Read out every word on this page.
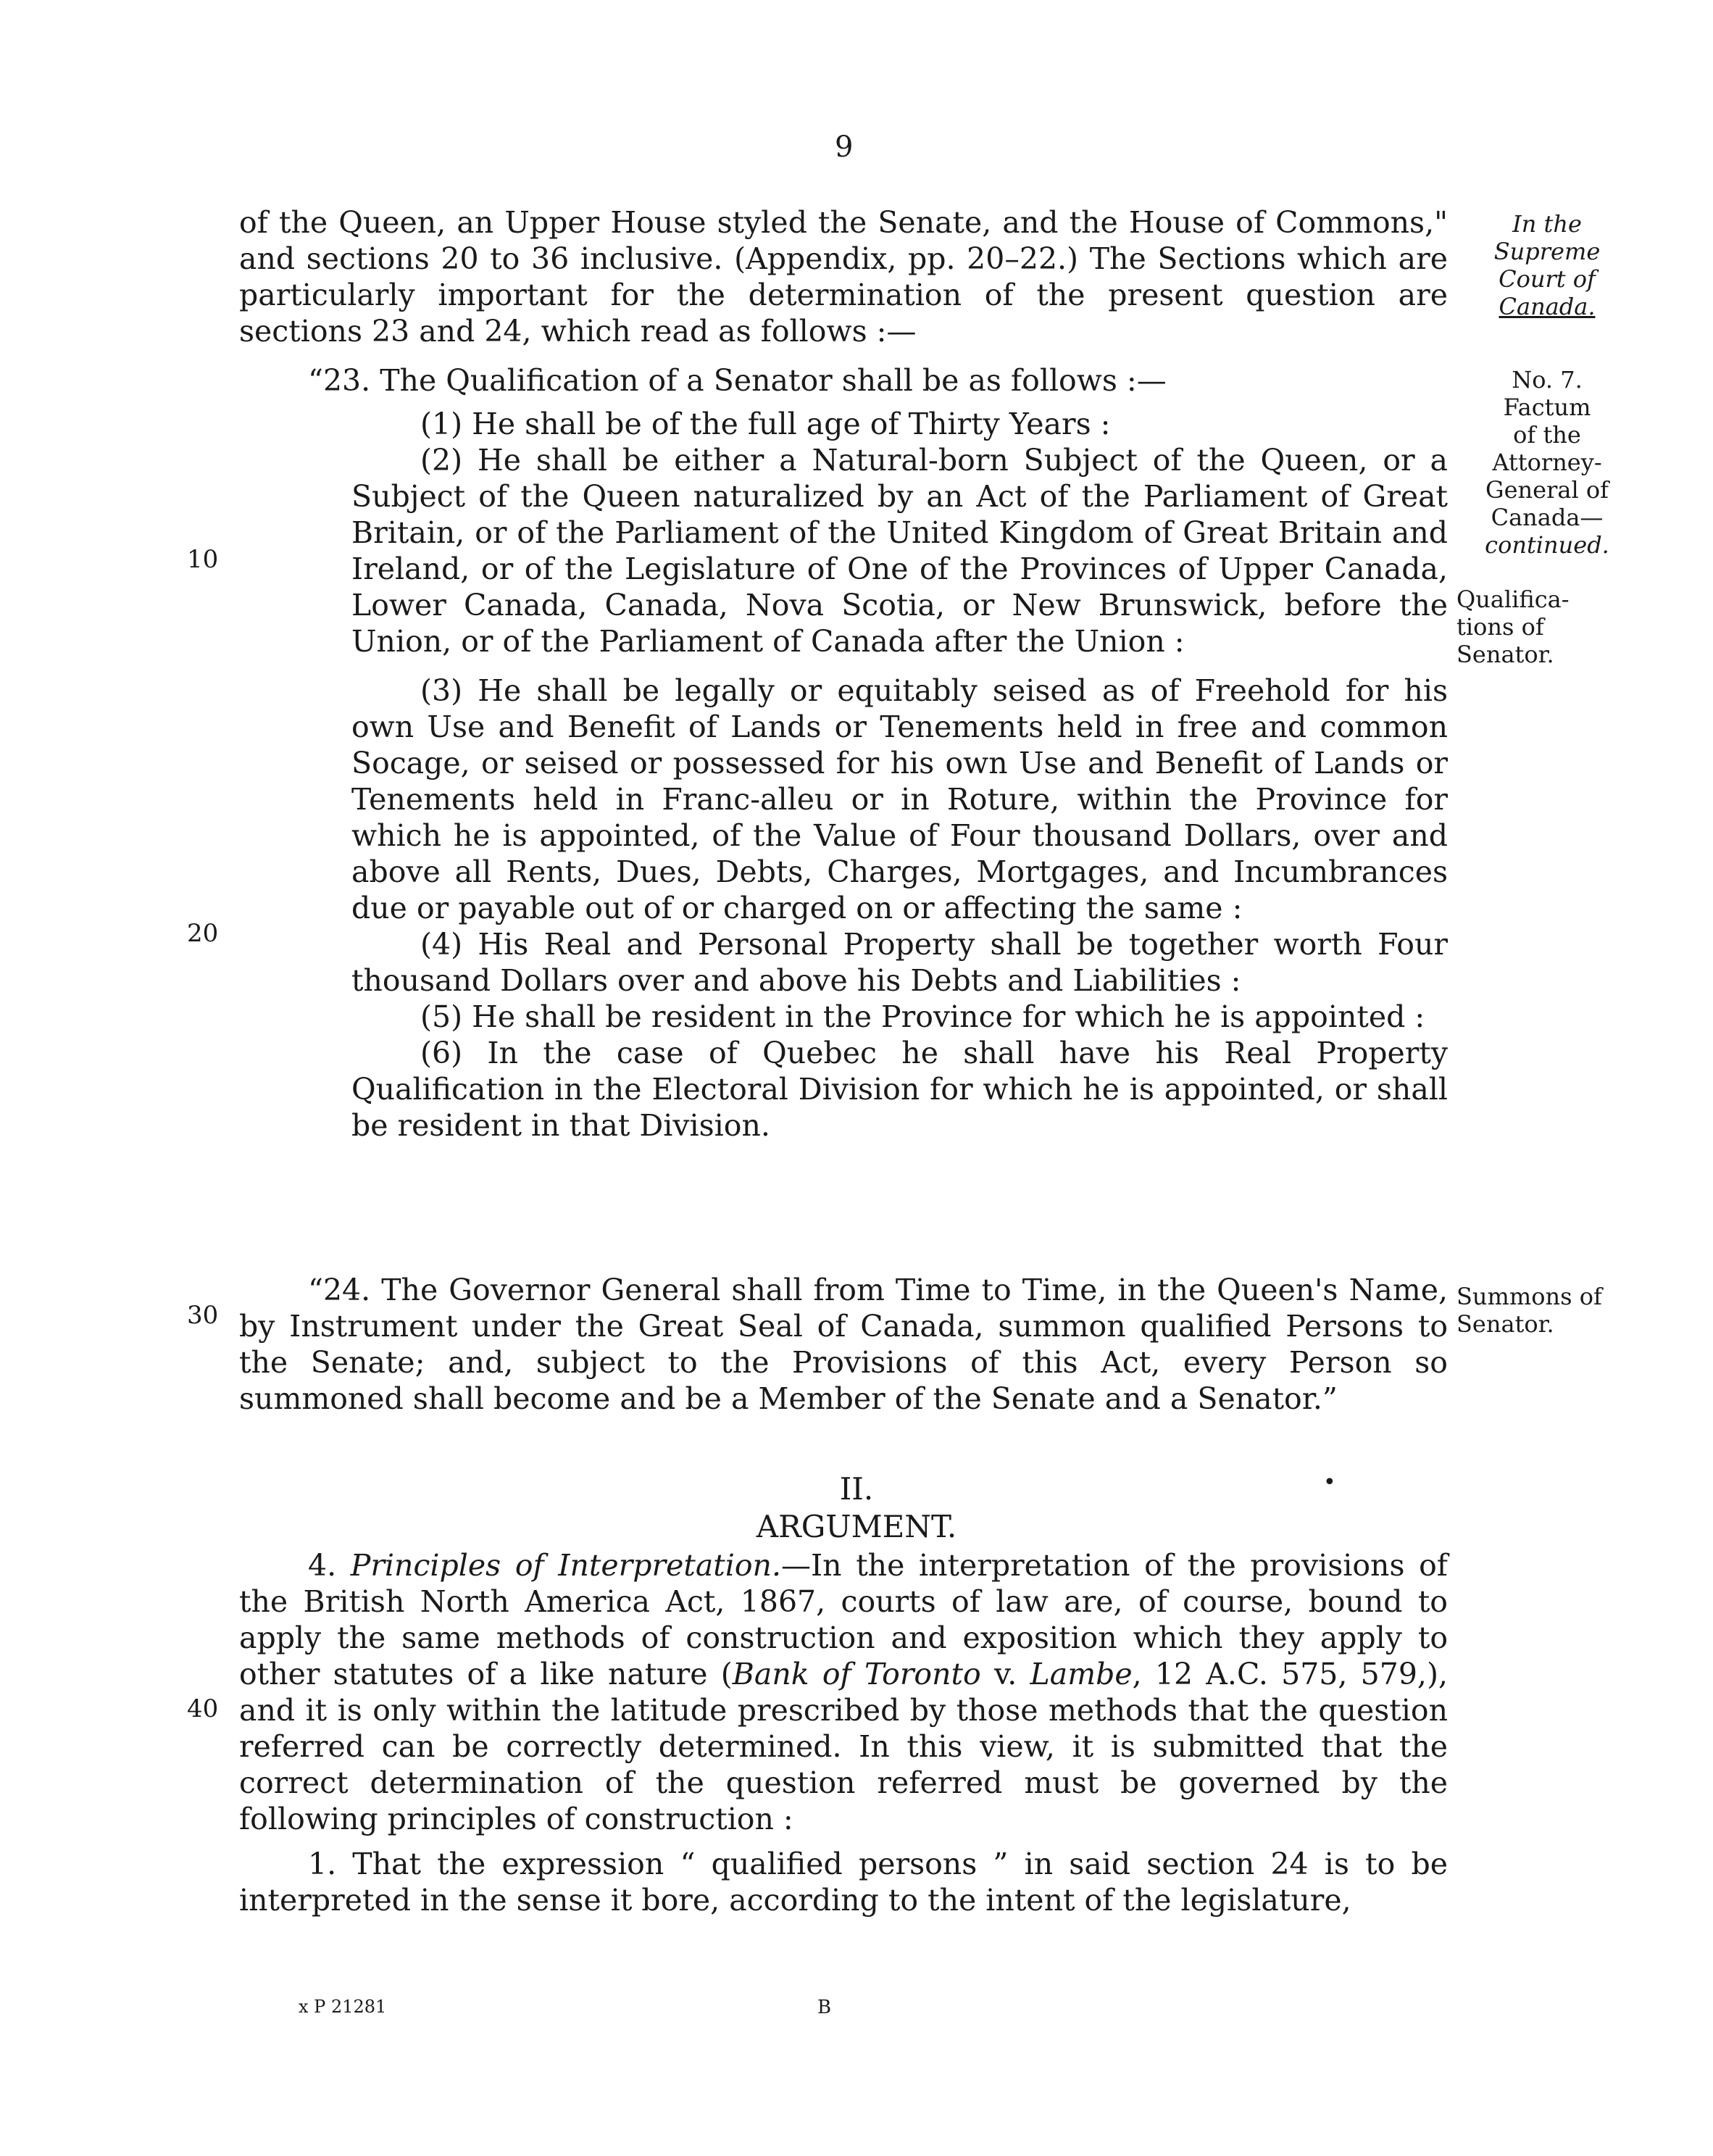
9

of the Queen, an Upper House styled the Senate, and the House of Commons," and sections 20 to 36 inclusive. (Appendix, pp. 20–22.) The Sections which are particularly important for the determination of the present question are sections 23 and 24, which read as follows :—

“23. The Qualification of a Senator shall be as follows :—

(1) He shall be of the full age of Thirty Years :

(2) He shall be either a Natural-born Subject of the Queen, or a Subject of the Queen naturalized by an Act of the Parliament of Great Britain, or of the Parliament of the United Kingdom of Great Britain and Ireland, or of the Legislature of One of the Provinces of Upper Canada, Lower Canada, Canada, Nova Scotia, or New Brunswick, before the Union, or of the Parliament of Canada after the Union :

(3) He shall be legally or equitably seised as of Freehold for his own Use and Benefit of Lands or Tenements held in free and common Socage, or seised or possessed for his own Use and Benefit of Lands or Tenements held in Franc-alleu or in Roture, within the Province for which he is appointed, of the Value of Four thousand Dollars, over and above all Rents, Dues, Debts, Charges, Mortgages, and Incumbrances due or payable out of or charged on or affecting the same :

(4) His Real and Personal Property shall be together worth Four thousand Dollars over and above his Debts and Liabilities :

(5) He shall be resident in the Province for which he is appointed :

(6) In the case of Quebec he shall have his Real Property Qualification in the Electoral Division for which he is appointed, or shall be resident in that Division.

“24. The Governor General shall from Time to Time, in the Queen's Name, by Instrument under the Great Seal of Canada, summon qualified Persons to the Senate; and, subject to the Provisions of this Act, every Person so summoned shall become and be a Member of the Senate and a Senator.”

•
II.
ARGUMENT.

4. Principles of Interpretation.—In the interpretation of the provisions of the British North America Act, 1867, courts of law are, of course, bound to apply the same methods of construction and exposition which they apply to other statutes of a like nature (Bank of Toronto v. Lambe, 12 A.C. 575, 579,), and it is only within the latitude prescribed by those methods that the question referred can be correctly determined. In this view, it is submitted that the correct determination of the question referred must be governed by the following principles of construction :

1. That the expression “ qualified persons ” in said section 24 is to be interpreted in the sense it bore, according to the intent of the legislature,

10
20
30
40
In the
Supreme
Court of
Canada.
No. 7.
Factum
of the
Attorney-
General of
Canada—
continued.
Qualifica-
tions of
Senator.
Summons of
Senator.
x P 21281	B
